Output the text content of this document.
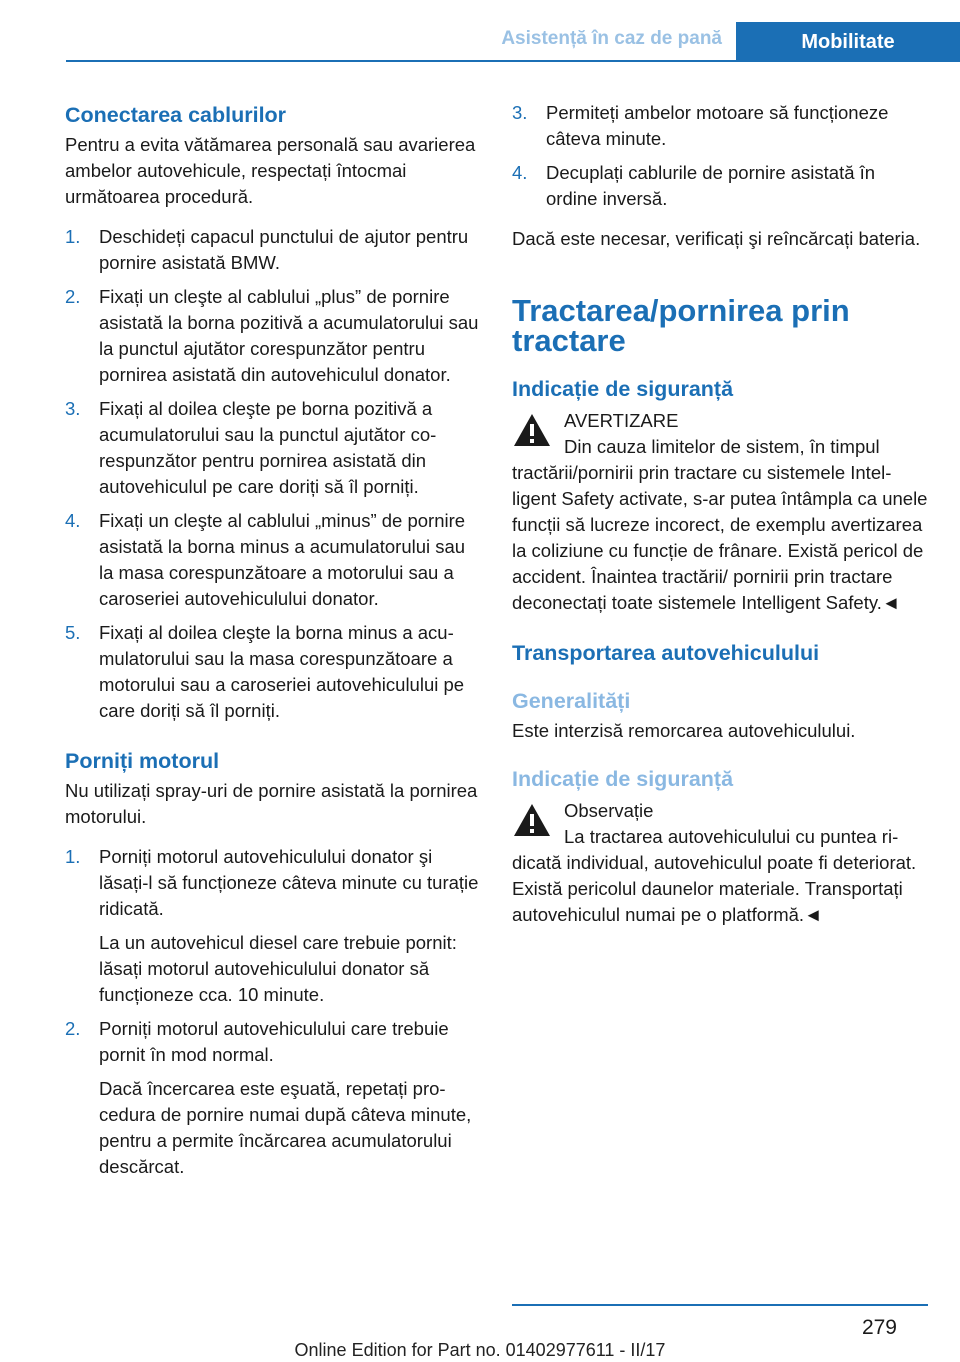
Asistență în caz de pană	Mobilitate
Conectarea cablurilor

Pentru a evita vătămarea personală sau avarierea ambelor autovehicule, respectați întocmai următoarea procedură.

1. Deschideți capacul punctului de ajutor pentru pornire asistată BMW.
2. Fixați un cleşte al cablului „plus” de pornire asistată la borna pozitivă a acumulatorului sau la punctul ajutător corespunzător pentru pornirea asistată din autovehiculul donator.
3. Fixați al doilea cleşte pe borna pozitivă a acumulatorului sau la punctul ajutător corespunzător pentru pornirea asistată din autovehiculul pe care doriți să îl porniți.
4. Fixați un cleşte al cablului „minus” de pornire asistată la borna minus a acumulatorului sau la masa corespunzătoare a motorului sau a caroseriei autovehiculului donator.
5. Fixați al doilea cleşte la borna minus a acumulatorului sau la masa corespunzătoare a motorului sau a caroseriei autovehiculului pe care doriți să îl porniți.
Porniți motorul

Nu utilizați spray-uri de pornire asistată la pornirea motorului.

1. Porniți motorul autovehiculului donator şi lăsați-l să funcționeze câteva minute cu turație ridicată.
La un autovehicul diesel care trebuie pornit: lăsați motorul autovehiculului donator să funcționeze cca. 10 minute.
2. Porniți motorul autovehiculului care trebuie pornit în mod normal.
Dacă încercarea este eşuată, repetați procedura de pornire numai după câteva minute, pentru a permite încărcarea acumulatorului descărcat.
3. Permiteți ambelor motoare să funcționeze câteva minute.
4. Decuplați cablurile de pornire asistată în ordine inversă.

Dacă este necesar, verificați şi reîncărcați bateria.

Tractarea/pornirea prin tractare
Indicație de siguranță
AVERTIZARE
Din cauza limitelor de sistem, în timpul tractării/pornirii prin tractare cu sistemele Intelligent Safety activate, s-ar putea întâmpla ca unele funcții să lucreze incorect, de exemplu avertizarea la coliziune cu funcție de frânare. Există pericol de accident. Înaintea tractării/ pornirii prin tractare deconectați toate sistemele Intelligent Safety.◄
Transportarea autovehiculului
Generalități

Este interzisă remorcarea autovehiculului.

Indicație de siguranță
Observație
La tractarea autovehiculului cu puntea ridicată individual, autovehiculul poate fi deteriorat. Există pericolul daunelor materiale. Transportați autovehiculul numai pe o platformă.◄
279
Online Edition for Part no. 01402977611 - II/17
